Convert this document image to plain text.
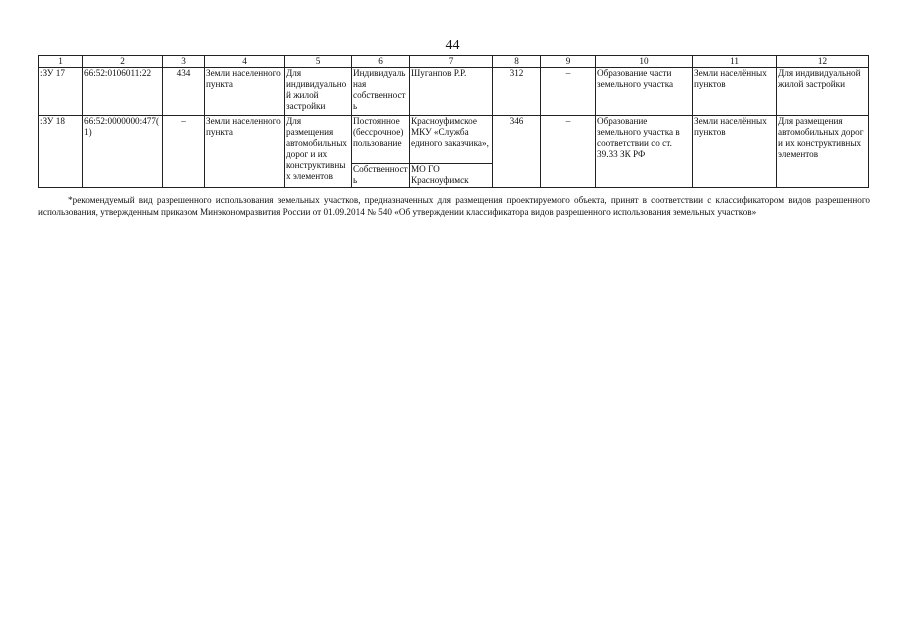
44
1	2	3	4	5	6	7	8	9	10	11	12
:ЗУ 17	66:52:0106011:22	434	Земли населенного пункта	Для индивидуальной жилой застройки	Индивидуальная собственность	Шуганпов Р.Р.	312	–	Образование части земельного участка	Земли населённых пунктов	Для индивидуальной жилой застройки
:ЗУ 18	66:52:0000000:477(1)	–	Земли населенного пункта	Для размещения автомобильных дорог и их конструктивных элементов	Постоянное (бессрочное) пользование	Красноуфимское МКУ «Служба единого заказчика»,	346	–	Образование земельного участка в соответствии со ст. 39.33 ЗК РФ	Земли населённых пунктов	Для размещения автомобильных дорог и их конструктивных элементов
					Собственность	МО ГО Красноуфимск					
*рекомендуемый вид разрешенного использования земельных участков, предназначенных для размещения проектируемого объекта, принят в соответствии с классификатором видов разрешенного использования, утвержденным приказом Минэкономразвития России от 01.09.2014 № 540 «Об утверждении классификатора видов разрешенного использования земельных участков»
